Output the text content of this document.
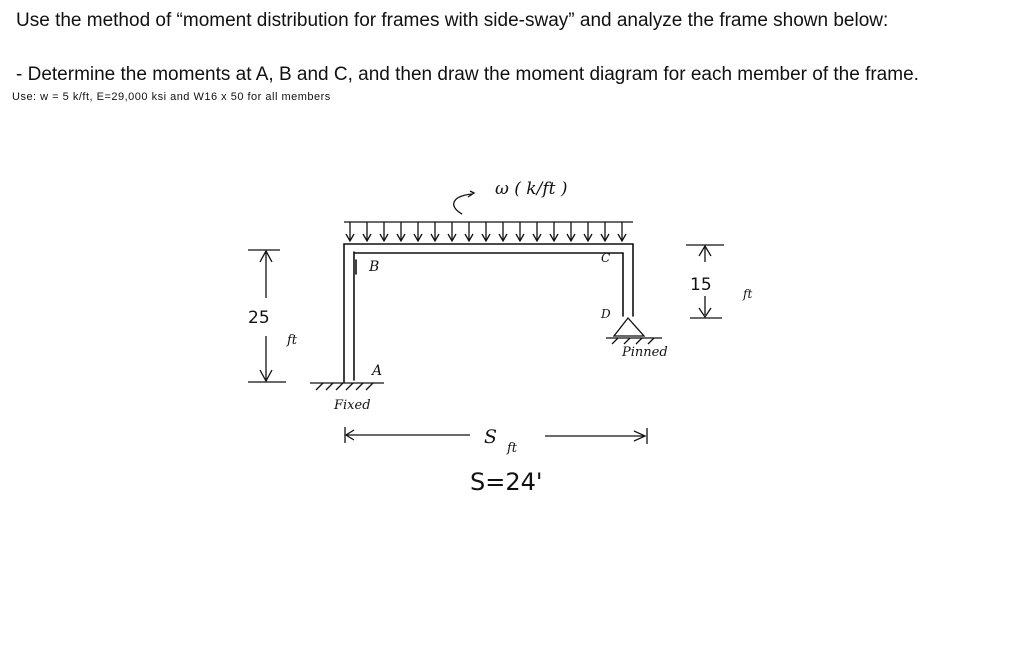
Use the method of “moment distribution for frames with side-sway” and analyze the frame shown below:
- Determine the moments at A, B and C, and then draw the moment diagram for each member of the frame.
Use: w = 5 k/ft, E=29,000 ksi and W16 x 50 for all members
ω ( k/ft )
B
C
D
A
Fixed
Pinned
25
ft
15	ft
S
ft
S=24'
